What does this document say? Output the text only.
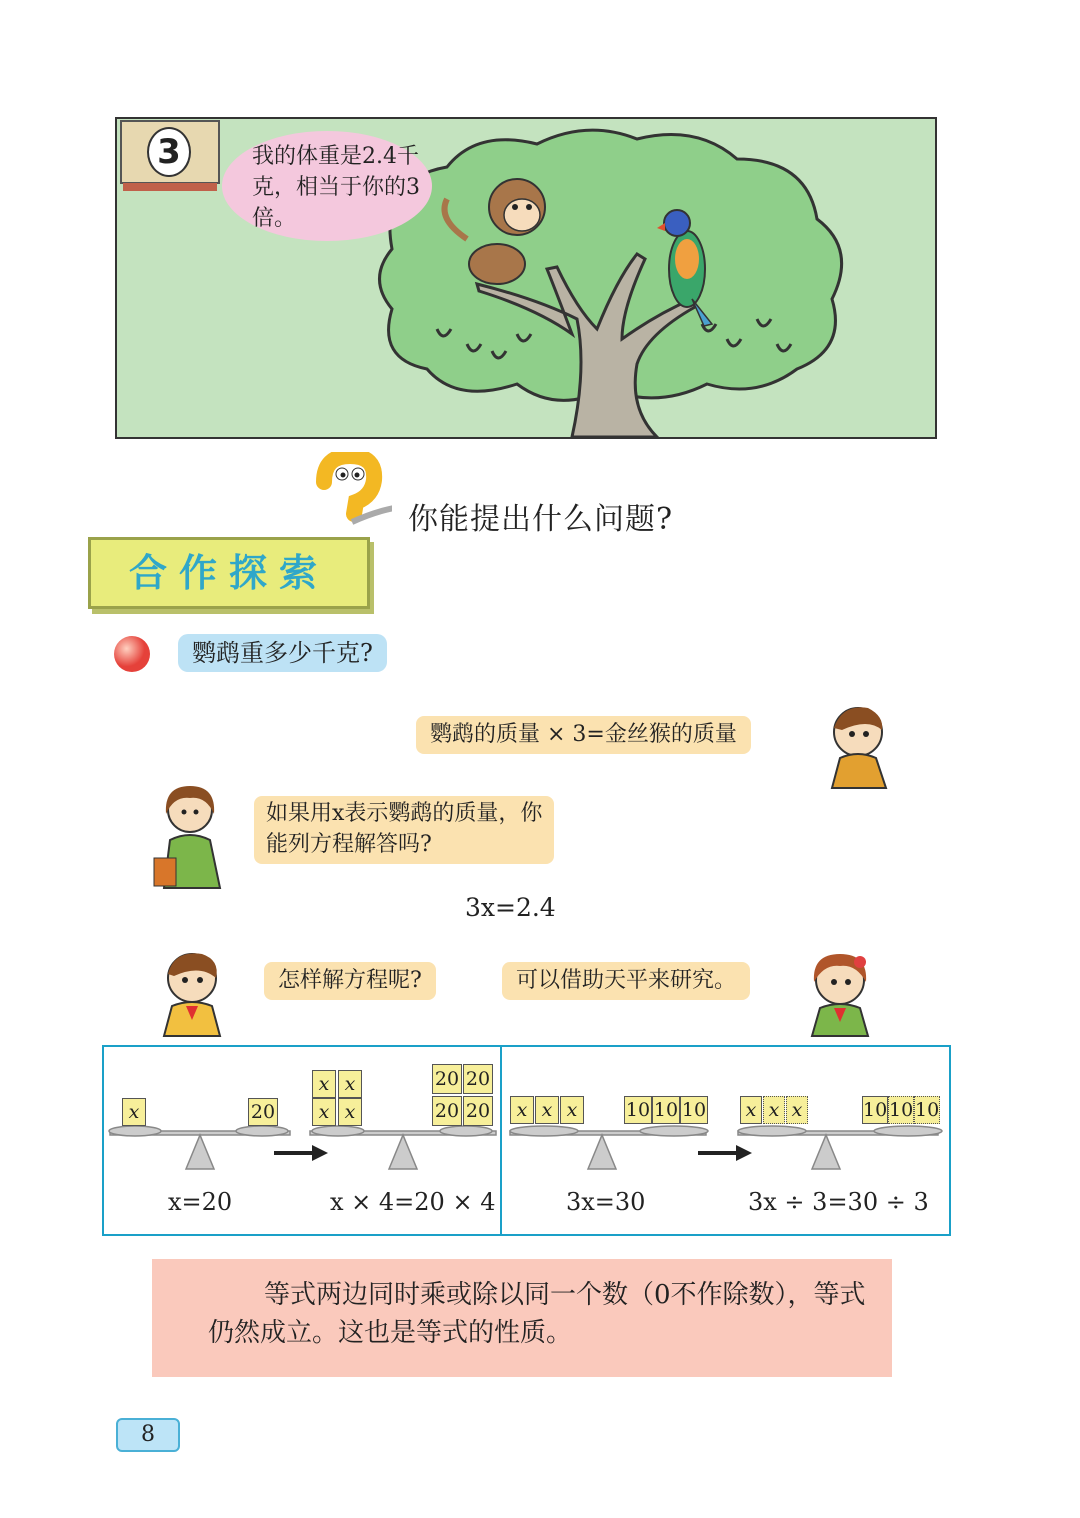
3	我的体重是2.4千克，相当于你的3倍。
你能提出什么问题?
合作探索
鹦鹉重多少千克?
鹦鹉的质量 × 3=金丝猴的质量
如果用x表示鹦鹉的质量，你能列方程解答吗?
3x=2.4
怎样解方程呢?	可以借助天平来研究。
x	20
x x
x x
20 20
20 20	x x x	10 10 10 x x x	10 10 10
x=20	x × 4=20 × 4	3x=30	3x ÷ 3=30 ÷ 3
等式两边同时乘或除以同一个数（0不作除数），等式仍然成立。这也是等式的性质。
8
